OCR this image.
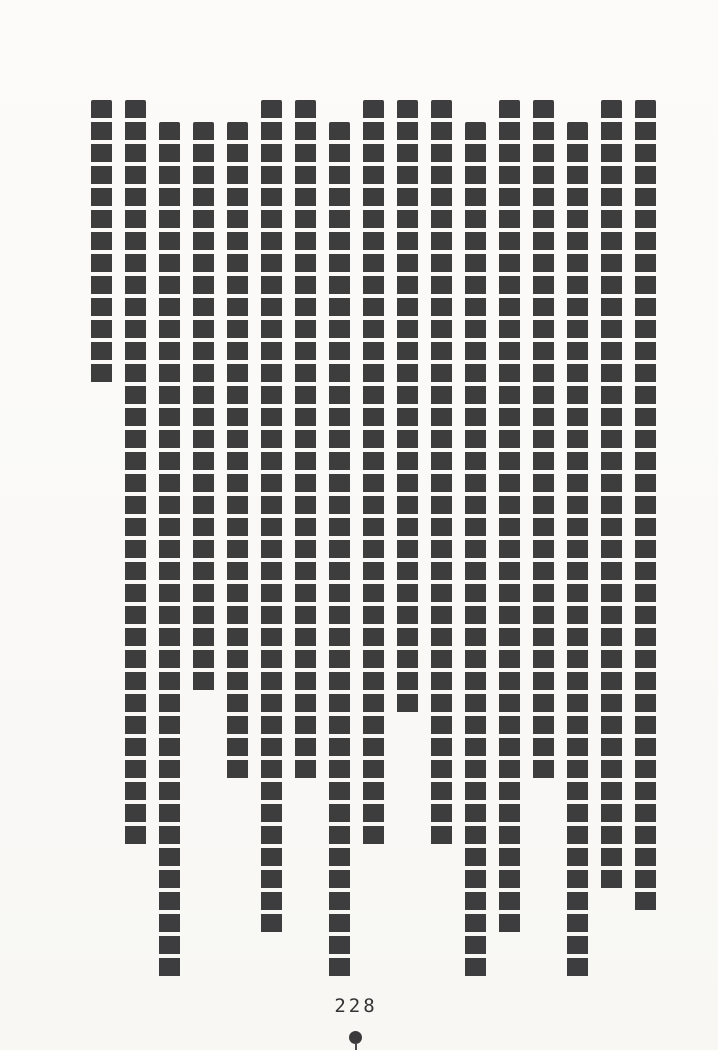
228
